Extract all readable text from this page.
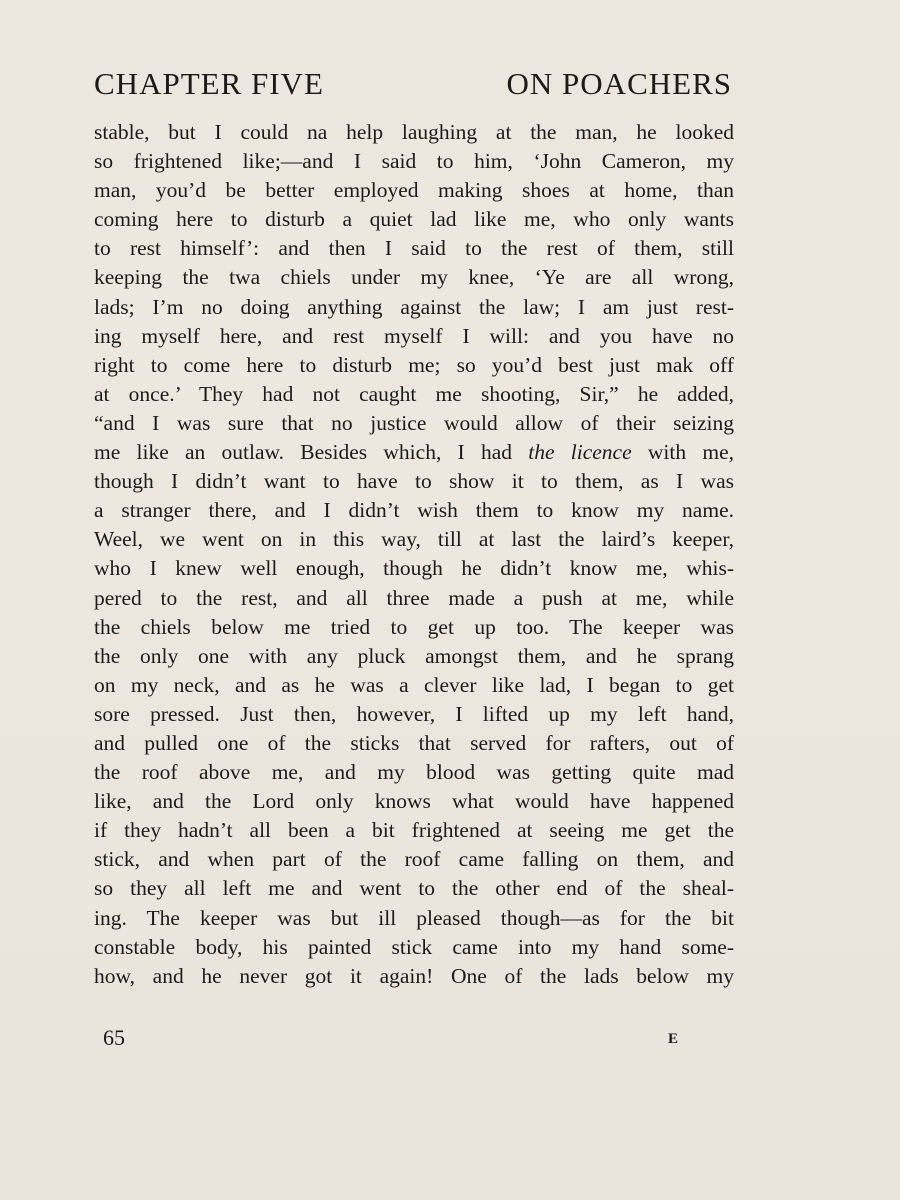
CHAPTER FIVE	ON POACHERS
stable, but I could na help laughing at the man, he looked
so frightened like;—and I said to him, ‘John Cameron, my
man, you’d be better employed making shoes at home, than
coming here to disturb a quiet lad like me, who only wants
to rest himself’: and then I said to the rest of them, still
keeping the twa chiels under my knee, ‘Ye are all wrong,
lads; I’m no doing anything against the law; I am just rest-
ing myself here, and rest myself I will: and you have no
right to come here to disturb me; so you’d best just mak off
at once.’ They had not caught me shooting, Sir,” he added,
“and I was sure that no justice would allow of their seizing
me like an outlaw. Besides which, I had the licence with me,
though I didn’t want to have to show it to them, as I was
a stranger there, and I didn’t wish them to know my name.
Weel, we went on in this way, till at last the laird’s keeper,
who I knew well enough, though he didn’t know me, whis-
pered to the rest, and all three made a push at me, while
the chiels below me tried to get up too. The keeper was
the only one with any pluck amongst them, and he sprang
on my neck, and as he was a clever like lad, I began to get
sore pressed. Just then, however, I lifted up my left hand,
and pulled one of the sticks that served for rafters, out of
the roof above me, and my blood was getting quite mad
like, and the Lord only knows what would have happened
if they hadn’t all been a bit frightened at seeing me get the
stick, and when part of the roof came falling on them, and
so they all left me and went to the other end of the sheal-
ing. The keeper was but ill pleased though—as for the bit
constable body, his painted stick came into my hand some-
how, and he never got it again! One of the lads below my
65	E
